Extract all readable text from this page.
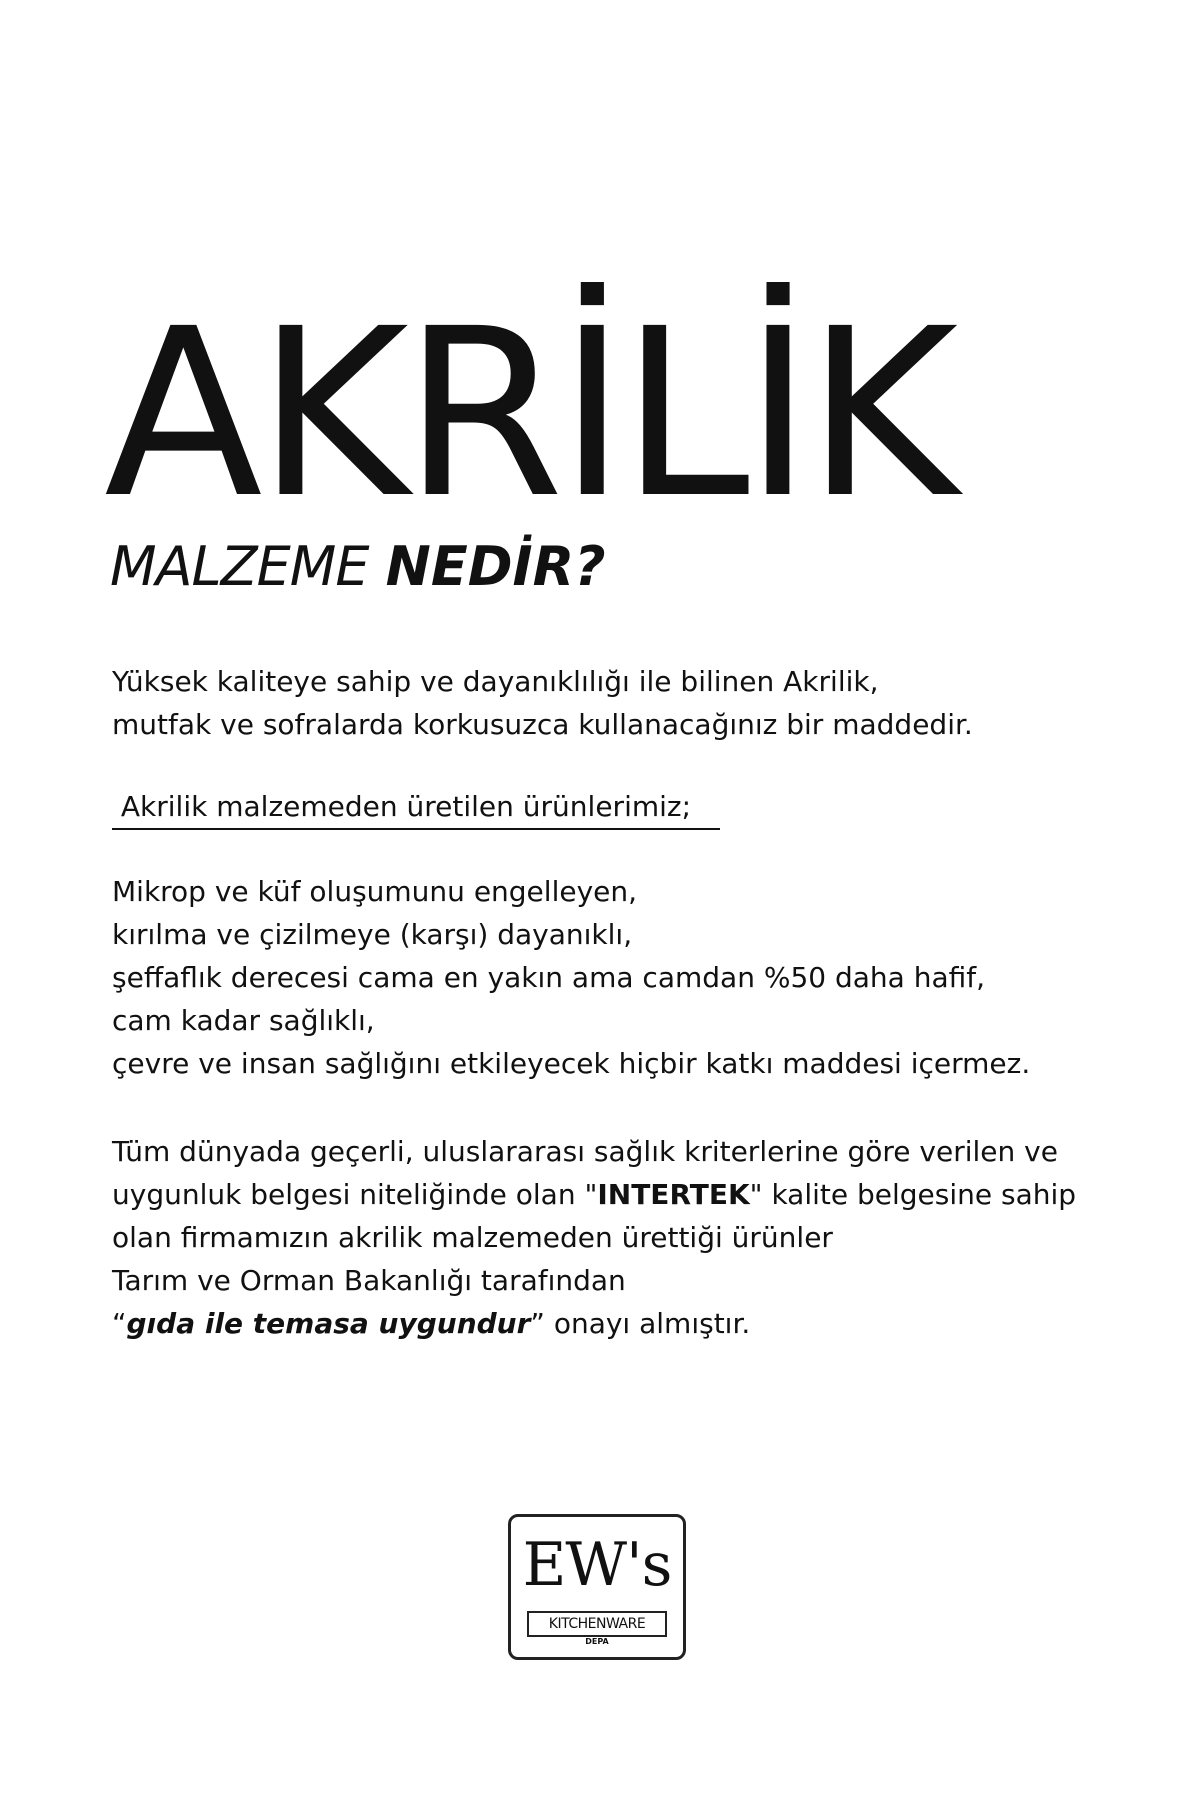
AKRİLİK
MALZEME NEDİR?
Yüksek kaliteye sahip ve dayanıklılığı ile bilinen Akrilik,
mutfak ve sofralarda korkusuzca kullanacağınız bir maddedir.
Akrilik malzemeden üretilen ürünlerimiz;
Mikrop ve küf oluşumunu engelleyen,
kırılma ve çizilmeye (karşı) dayanıklı,
şeffaflık derecesi cama en yakın ama camdan %50 daha hafif,
cam kadar sağlıklı,
çevre ve insan sağlığını etkileyecek hiçbir katkı maddesi içermez.
Tüm dünyada geçerli, uluslararası sağlık kriterlerine göre verilen ve
uygunluk belgesi niteliğinde olan "INTERTEK" kalite belgesine sahip
olan firmamızın akrilik malzemeden ürettiği ürünler
Tarım ve Orman Bakanlığı tarafından
“gıda ile temasa uygundur” onayı almıştır.
EW's
KITCHENWARE
DEPA
